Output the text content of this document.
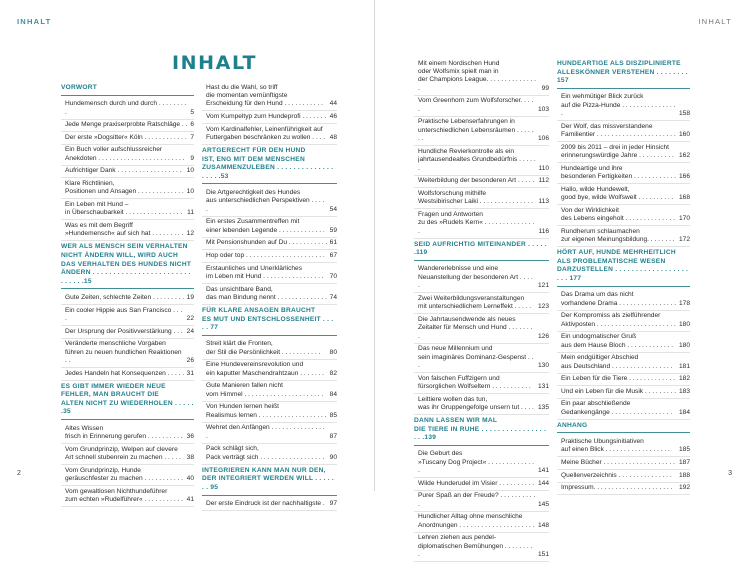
INHALT
INHALT
VORWORT
Hundemensch durch und durch . . . . . . . . .	5
Jede Menge praxiserprobte Ratschläge . . 6
Der erste »Dogsitter« Köln . . . . . . . . . . . . 7
Ein Buch voller aufschlussreicher
Anekdoten . . . . . . . . . . . . . . . . . . . . . . . . 9
Aufrichtiger Dank . . . . . . . . . . . . . . . . . . 10
Klare Richtlinien,
Positionen und Ansagen . . . . . . . . . . . . . 10
Ein Leben mit Hund –
in Überschaubarkeit . . . . . . . . . . . . . . . . 11
Was es mit dem Begriff
»Hundemensch« auf sich hat . . . . . . . . . 12
WER ALS MENSCH SEIN VERHALTEN
NICHT ÄNDERN WILL, WIRD AUCH
DAS VERHALTEN DES HUNDES NICHT
ÄNDERN . . . . . . . . . . . . . . . . . . . . . . . . . . . . . .15
Gute Zeiten, schlechte Zeiten . . . . . . . . . 19
Ein cooler Hippie aus San Francisco . . . .	22
Der Ursprung der Positivverstärkung . . . 24
Veränderte menschliche Vorgaben
führen zu neuen hundlichen Reaktionen . .	26
Jedes Handeln hat Konsequenzen . . . . . 31
ES GIBT IMMER WIEDER NEUE
FEHLER, MAN BRAUCHT DIE
ALTEN NICHT ZU WIEDERHOLEN . . . . . .35
Altes Wissen
frisch in Erinnerung gerufen . . . . . . . . . . 36
Vom Grundprinzip, Welpen auf clevere
Art schnell stubenrein zu machen . . . . . 38
Vom Grundprinzip, Hunde
geräuschfester zu machen . . . . . . . . . . . 40
Vom gewaltlosen Nichthundeführer
zum echten »Rudelführer« . . . . . . . . . . . 41
Hast du die Wahl, so triff
die momentan vernünftigste
Erscheidung für den Hund . . . . . . . . . . .	44
Vom Kumpeltyp zum Hundeprofi . . . . . . . 46
Vom Kardinalfehler, Leinenführigkeit auf
Futtergaben beschränken zu wollen . . . . 48
ARTGERECHT FÜR DEN HUND
IST, ENG MIT DEM MENSCHEN
ZUSAMMENZULEBEN . . . . . . . . . . . . . . . . . . .53
Die Artgerechtigkeit des Hundes
aus unterschiedlichen Perspektiven . . . . .	54
Ein erstes Zusammentreffen mit
einer lebenden Legende . . . . . . . . . . . . . 59
Mit Pensionshunden auf Du . . . . . . . . . . . 61
Hop oder top . . . . . . . . . . . . . . . . . . . . . . 67
Erstaunliches und Unerklärliches
im Leben mit Hund . . . . . . . . . . . . . . . . . 70
Das unsichtbare Band,
das man Bindung nennt . . . . . . . . . . . . . . 74
FÜR KLARE ANSAGEN BRAUCHT
ES MUT UND ENTSCHLOSSENHEIT . . . . . 77
Streit klärt die Fronten,
der Stil die Persönlichkeit . . . . . . . . . . .	80
Eine Hundevereinsrevolution und
ein kaputter Maschendrahtzaun . . . . . . . 82
Gute Manieren fallen nicht
vom Himmel . . . . . . . . . . . . . . . . . . . . . . 84
Von Hunden lernen heißt
Realismus lernen . . . . . . . . . . . . . . . . . . . 85
Wehret den Anfängen . . . . . . . . . . . . . . . .	87
Pack schlägt sich,
Pack verträgt sich . . . . . . . . . . . . . . . . . . 90
INTEGRIEREN KANN MAN NUR DEN,
DER INTEGRIERT WERDEN WILL . . . . . . . 95
Der erste Eindruck ist der nachhaltigste . 97
2
INHALT
Mit einem Nordischen Hund
oder Wolfsmix spielt man in
der Champions League. . . . . . . . . . . . . . .	99
Vom Greenhorn zum Wolfsforscher. . . . .	103
Praktische Lebenserfahrungen in
unterschiedlichen Lebensräumen . . . . . . .	106
Hundliche Revierkontrolle als ein
jahrtausendealtes Grundbedürfnis . . . . . .	110
Weiterbildung der besonderen Art . . . . . 112
Wolfsforschung mithilfe
Westsibirischer Laiki . . . . . . . . . . . . . . . 113
Fragen und Antworten
zu des »Rudels Kern« . . . . . . . . . . . . . . .	116
SEID AUFRICHTIG MITEINANDER . . . . . .119
Wandererlebnisse und eine
Neuanstellung der besonderen Art . . . . .	121
Zwei Weiterbildungsveranstaltungen
mit unterschiedlichem Lerneffekt . . . . .	123
Die Jahrtausendwende als neues
Zeitalter für Mensch und Hund . . . . . . . .	126
Das neue Millennium und
sein imaginäres Dominanz-Gespenst . . .	130
Von falschen Fuffzigern und
fürsorglichen Wolfseltern . . . . . . . . . . .	131
Leittiere wollen das tun,
was ihr Gruppengefolge unsern tut . . . . 135
DANN LASSEN WIR MAL
DIE TIERE IN RUHE . . . . . . . . . . . . . . . . . . .139
Die Geburt des
»Tuscany Dog Project« . . . . . . . . . . . . . .	141
Wilde Hunderudel im Visier . . . . . . . . . . 144
Purer Spaß an der Freude? . . . . . . . . . . .	145
Hundlicher Alltag ohne menschliche
Anordnungen . . . . . . . . . . . . . . . . . . . . . 148
Lehren ziehen aus pendel-
diplomatischen Bemühungen . . . . . . . . .	151
HUNDEARTIGE ALS DISZIPLINIERTE
ALLESKÖNNER VERSTEHEN . . . . . . . . 157
Ein wehmütiger Blick zurück
auf die Pizza-Hunde . . . . . . . . . . . . . . . .	158
Der Wolf, das missverstandene
Familientier . . . . . . . . . . . . . . . . . . . . . . 160
2009 bis 2011 – drei in jeder Hinsicht
erinnerungswürdige Jahre . . . . . . . . . . 162
Hundeartige und ihre
besonderen Fertigkeiten . . . . . . . . . . . . 166
Hallo, wilde Hundewelt,
good bye, wilde Wolfswelt . . . . . . . . . . 168
Von der Wirklichkeit
des Lebens eingeholt . . . . . . . . . . . . . . 170
Rundherum schlaumachen
zur eigenen Meinungsbildung. . . . . . . . 172
HÖRT AUF, HUNDE MEHRHEITLICH
ALS PROBLEMATISCHE WESEN
DARZUSTELLEN . . . . . . . . . . . . . . . . . . . . . 177
Das Drama um das nicht
vorhandene Drama . . . . . . . . . . . . . . . . 178
Der Kompromiss als zielführender
Aktivposten . . . . . . . . . . . . . . . . . . . . . . 180
Ein undogmatischer Gruß
aus dem Hause Bloch . . . . . . . . . . . . . 180
Mein endgültiger Abschied
aus Deutschland . . . . . . . . . . . . . . . . . 181
Ein Leben für die Tiere . . . . . . . . . . . . . 182
Und ein Leben für die Musik . . . . . . . . . 183
Ein paar abschließende
Gedankengänge . . . . . . . . . . . . . . . . .	184
ANHANG
Praktische Übungsinitiativen
auf einen Blick . . . . . . . . . . . . . . . . . .	185
Meine Bücher . . . . . . . . . . . . . . . . . . . . 187
Quellenverzeichnis . . . . . . . . . . . . . . .	188
Impressum. . . . . . . . . . . . . . . . . . . . . . 192
3
